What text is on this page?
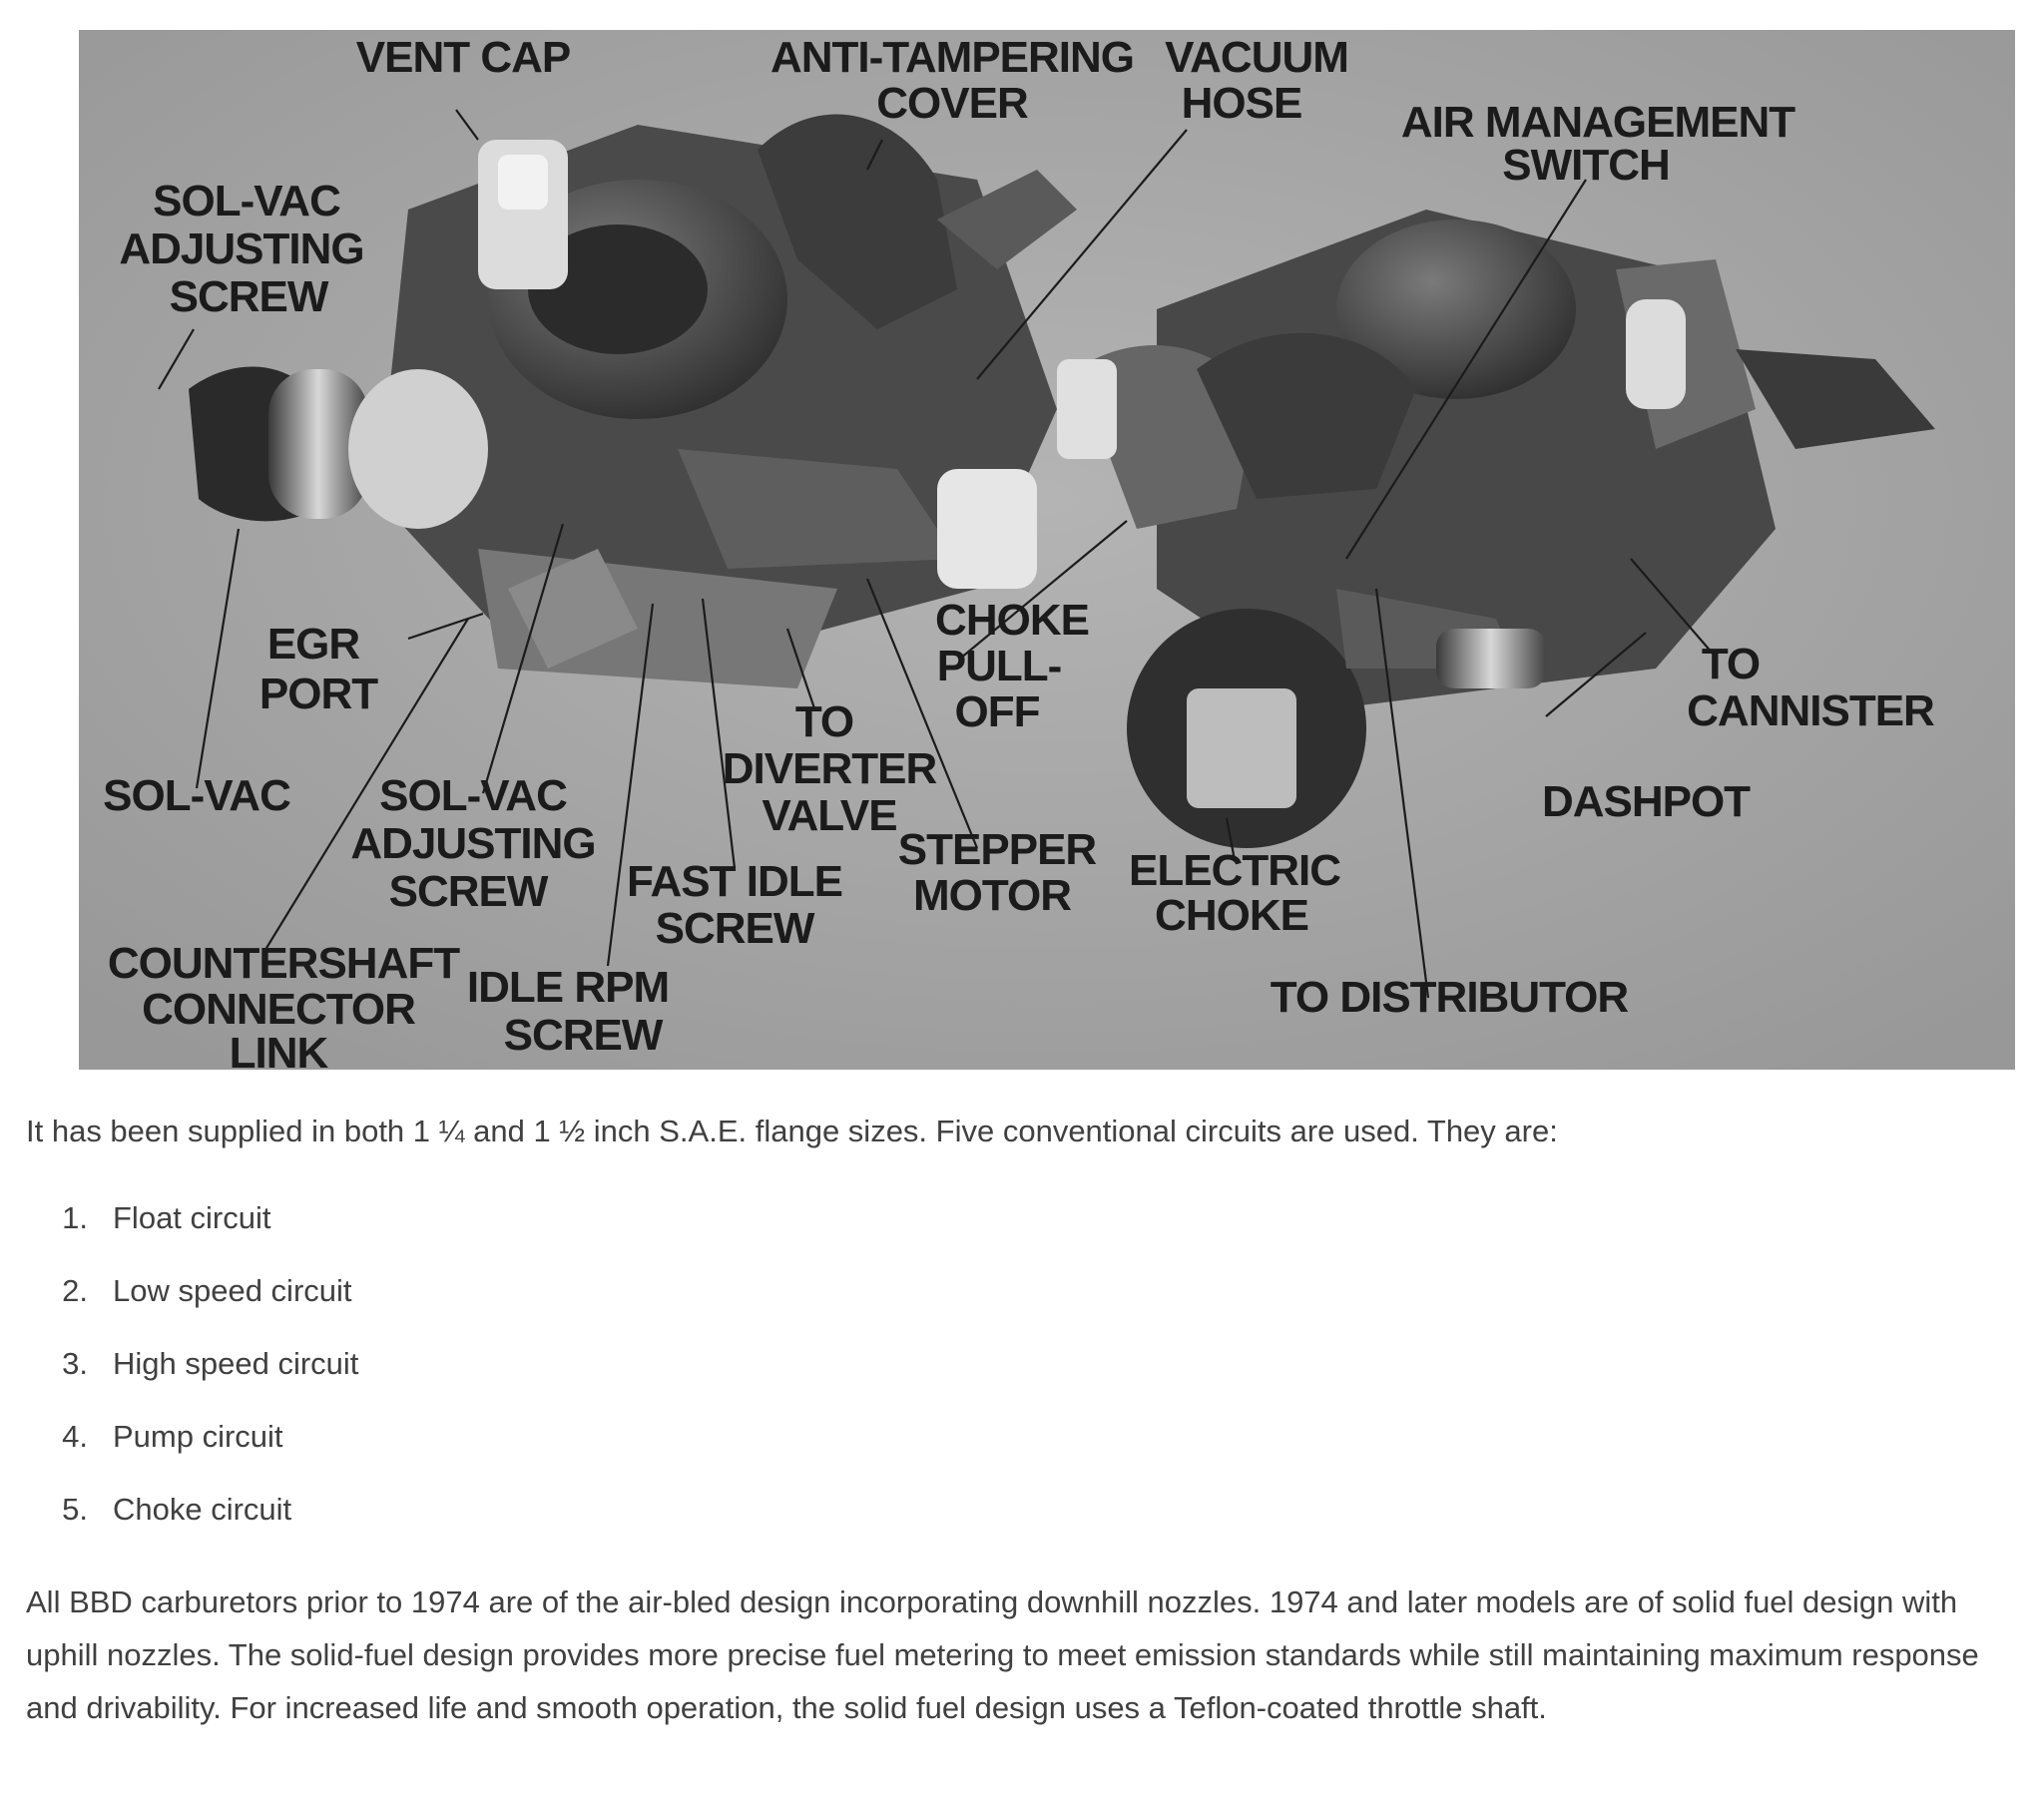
VENT CAP	ANTI-TAMPERING
COVER
VACUUM
HOSE AIR MANAGEMENT
SWITCH
SOL-VAC
ADJUSTING
SCREW
EGR
PORT
SOL-VAC SOL-VAC
ADJUSTING
SCREW
COUNTERSHAFT
CONNECTOR
LINK
IDLE RPM
SCREW
FAST IDLE
SCREW
TO
DIVERTER
VALVE
CHOKE
PULL-
OFF
STEPPER
MOTOR
ELECTRIC
CHOKE
TO DISTRIBUTOR
TO
CANNISTER
DASHPOT

It has been supplied in both 1 ¼ and 1 ½ inch S.A.E. flange sizes. Five conventional circuits are used. They are:

1. Float circuit
2. Low speed circuit
3. High speed circuit
4. Pump circuit
5. Choke circuit

All BBD carburetors prior to 1974 are of the air-bled design incorporating downhill nozzles. 1974 and later models are of solid fuel design with uphill nozzles. The solid-fuel design provides more precise fuel metering to meet emission standards while still maintaining maximum response and drivability. For increased life and smooth operation, the solid fuel design uses a Teflon-coated throttle shaft.
